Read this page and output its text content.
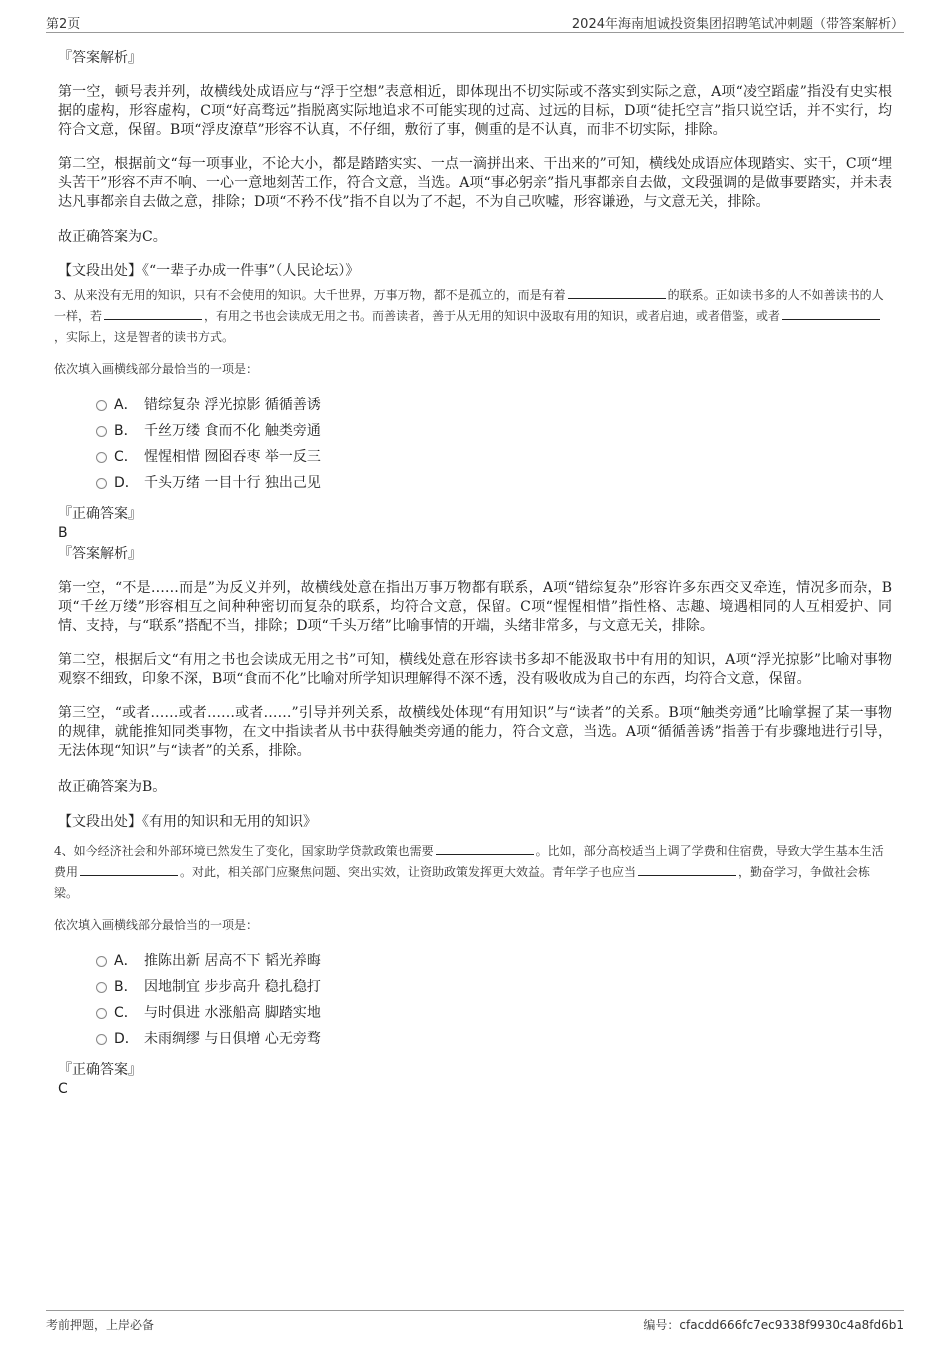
第2页	2024年海南旭诚投资集团招聘笔试冲刺题（带答案解析）

『答案解析』

第一空，顿号表并列，故横线处成语应与“浮于空想”表意相近，即体现出不切实际或不落实到实际之意，A项“凌空蹈虚”指没有史实根据的虚构，形容虚构，C项“好高骛远”指脱离实际地追求不可能实现的过高、过远的目标，D项“徒托空言”指只说空话，并不实行，均符合文意，保留。B项“浮皮潦草”形容不认真，不仔细，敷衍了事，侧重的是不认真，而非不切实际，排除。

第二空，根据前文“每一项事业，不论大小，都是踏踏实实、一点一滴拼出来、干出来的”可知，横线处成语应体现踏实、实干，C项“埋头苦干”形容不声不响、一心一意地刻苦工作，符合文意，当选。A项“事必躬亲”指凡事都亲自去做，文段强调的是做事要踏实，并未表达凡事都亲自去做之意，排除；D项“不矜不伐”指不自以为了不起，不为自己吹嘘，形容谦逊，与文意无关，排除。

故正确答案为C。

【文段出处】《“一辈子办成一件事”（人民论坛）》

3、从来没有无用的知识，只有不会使用的知识。大千世界，万事万物，都不是孤立的，而是有着	的联系。正如读书多的人不如善读书的人一样，若	，有用之书也会读成无用之书。而善读者，善于从无用的知识中汲取有用的知识，或者启迪，或者借鉴，或者，实际上，这是智者的读书方式。

依次填入画横线部分最恰当的一项是：

A． 错综复杂 浮光掠影 循循善诱
B． 千丝万缕 食而不化 触类旁通
C． 惺惺相惜 囫囵吞枣 举一反三
D． 千头万绪 一目十行 独出己见

『正确答案』

B

『答案解析』

第一空，“不是……而是”为反义并列，故横线处意在指出万事万物都有联系，A项“错综复杂”形容许多东西交叉牵连，情况多而杂，B项“千丝万缕”形容相互之间种种密切而复杂的联系，均符合文意，保留。C项“惺惺相惜”指性格、志趣、境遇相同的人互相爱护、同情、支持，与“联系”搭配不当，排除；D项“千头万绪”比喻事情的开端，头绪非常多，与文意无关，排除。

第二空，根据后文“有用之书也会读成无用之书”可知，横线处意在形容读书多却不能汲取书中有用的知识，A项“浮光掠影”比喻对事物观察不细致，印象不深，B项“食而不化”比喻对所学知识理解得不深不透，没有吸收成为自己的东西，均符合文意，保留。

第三空，“或者……或者……或者……”引导并列关系，故横线处体现“有用知识”与“读者”的关系。B项“触类旁通”比喻掌握了某一事物的规律，就能推知同类事物，在文中指读者从书中获得触类旁通的能力，符合文意，当选。A项“循循善诱”指善于有步骤地进行引导，无法体现“知识”与“读者”的关系，排除。

故正确答案为B。

【文段出处】《有用的知识和无用的知识》

4、如今经济社会和外部环境已然发生了变化，国家助学贷款政策也需要	。比如，部分高校适当上调了学费和住宿费，导致大学生基本生活费用	。对此，相关部门应聚焦问题、突出实效，让资助政策发挥更大效益。青年学子也应当	，勤奋学习，争做社会栋梁。

依次填入画横线部分最恰当的一项是：

A． 推陈出新 居高不下 韬光养晦
B． 因地制宜 步步高升 稳扎稳打
C． 与时俱进 水涨船高 脚踏实地
D． 未雨绸缪 与日俱增 心无旁骛

『正确答案』

C

考前押题，上岸必备	编号：cfacdd666fc7ec9338f9930c4a8fd6b1
